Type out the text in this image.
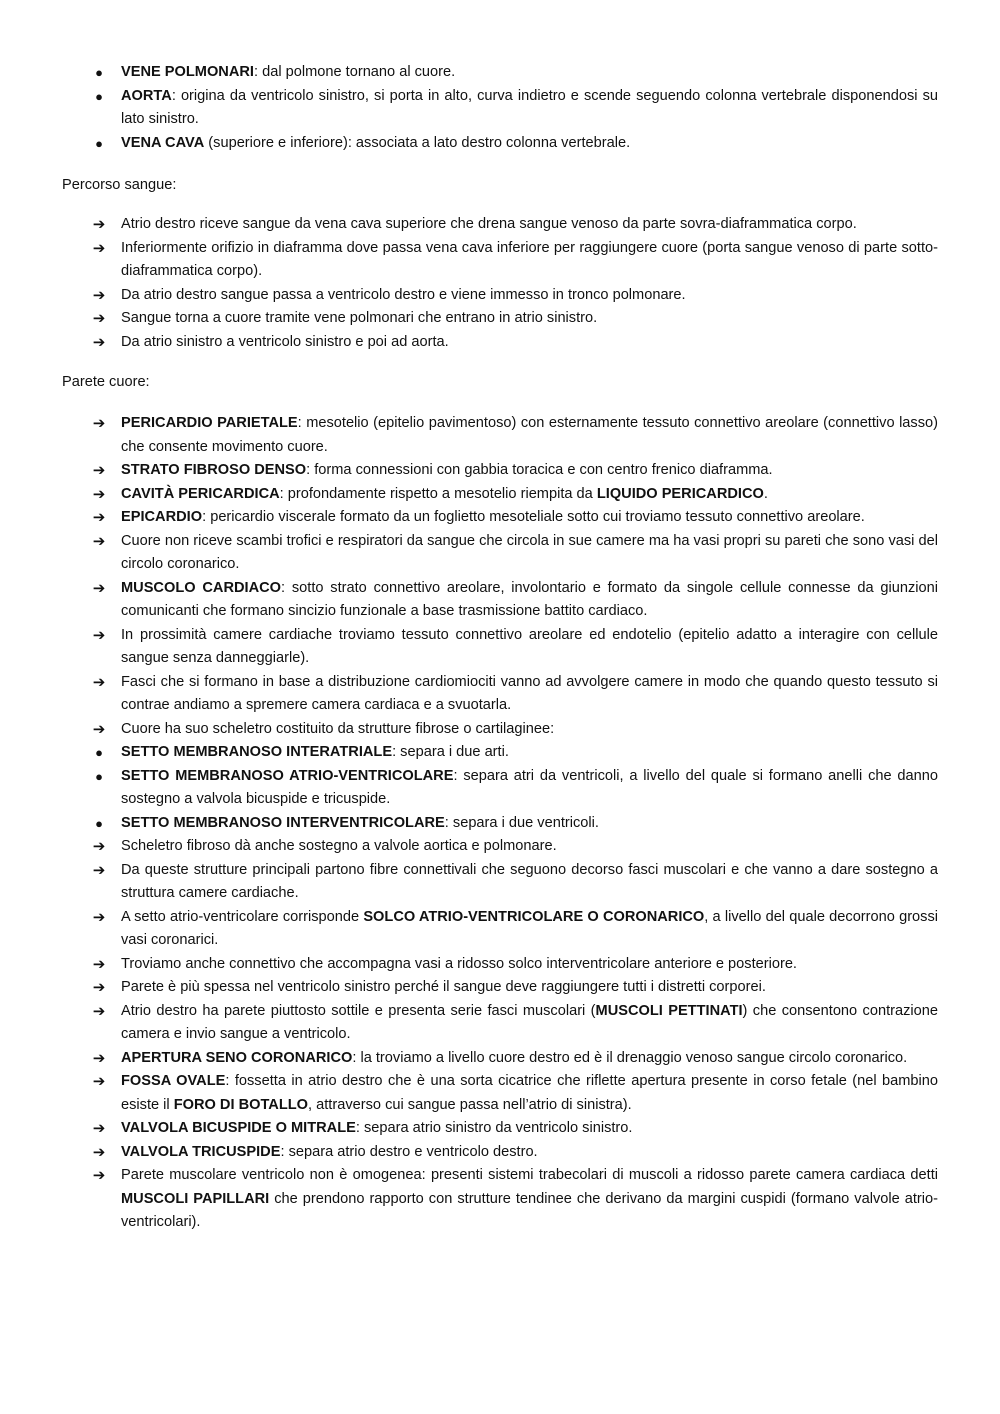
●	VENE POLMONARI: dal polmone tornano al cuore.
●	AORTA: origina da ventricolo sinistro, si porta in alto, curva indietro e scende seguendo colonna vertebrale disponendosi su lato sinistro.
●	VENA CAVA (superiore e inferiore): associata a lato destro colonna vertebrale.
Percorso sangue:
➔ Atrio destro riceve sangue da vena cava superiore che drena sangue venoso da parte sovra-diaframmatica corpo.
➔ Inferiormente orifizio in diaframma dove passa vena cava inferiore per raggiungere cuore (porta sangue venoso di parte sotto-diaframmatica corpo).
➔ Da atrio destro sangue passa a ventricolo destro e viene immesso in tronco polmonare.
➔ Sangue torna a cuore tramite vene polmonari che entrano in atrio sinistro.
➔ Da atrio sinistro a ventricolo sinistro e poi ad aorta.
Parete cuore:
➔ PERICARDIO PARIETALE: mesotelio (epitelio pavimentoso) con esternamente tessuto connettivo areolare (connettivo lasso) che consente movimento cuore.
➔ STRATO FIBROSO DENSO: forma connessioni con gabbia toracica e con centro frenico diaframma.
➔ CAVITÀ PERICARDICA: profondamente rispetto a mesotelio riempita da LIQUIDO PERICARDICO.
➔ EPICARDIO: pericardio viscerale formato da un foglietto mesoteliale sotto cui troviamo tessuto connettivo areolare.
➔ Cuore non riceve scambi trofici e respiratori da sangue che circola in sue camere ma ha vasi propri su pareti che sono vasi del circolo coronarico.
➔ MUSCOLO CARDIACO: sotto strato connettivo areolare, involontario e formato da singole cellule connesse da giunzioni comunicanti che formano sincizio funzionale a base trasmissione battito cardiaco.
➔ In prossimità camere cardiache troviamo tessuto connettivo areolare ed endotelio (epitelio adatto a interagire con cellule sangue senza danneggiarle).
➔ Fasci che si formano in base a distribuzione cardiomiociti vanno ad avvolgere camere in modo che quando questo tessuto si contrae andiamo a spremere camera cardiaca e a svuotarla.
➔ Cuore ha suo scheletro costituito da strutture fibrose o cartilaginee:
●	SETTO MEMBRANOSO INTERATRIALE: separa i due arti.
●	SETTO MEMBRANOSO ATRIO-VENTRICOLARE: separa atri da ventricoli, a livello del quale si formano anelli che danno sostegno a valvola bicuspide e tricuspide.
●	SETTO MEMBRANOSO INTERVENTRICOLARE: separa i due ventricoli.
➔ Scheletro fibroso dà anche sostegno a valvole aortica e polmonare.
➔ Da queste strutture principali partono fibre connettivali che seguono decorso fasci muscolari e che vanno a dare sostegno a struttura camere cardiache.
➔ A setto atrio-ventricolare corrisponde SOLCO ATRIO-VENTRICOLARE O CORONARICO, a livello del quale decorrono grossi vasi coronarici.
➔ Troviamo anche connettivo che accompagna vasi a ridosso solco interventricolare anteriore e posteriore.
➔ Parete è più spessa nel ventricolo sinistro perché il sangue deve raggiungere tutti i distretti corporei.
➔ Atrio destro ha parete piuttosto sottile e presenta serie fasci muscolari (MUSCOLI PETTINATI) che consentono contrazione camera e invio sangue a ventricolo.
➔ APERTURA SENO CORONARICO: la troviamo a livello cuore destro ed è il drenaggio venoso sangue circolo coronarico.
➔ FOSSA OVALE: fossetta in atrio destro che è una sorta cicatrice che riflette apertura presente in corso fetale (nel bambino esiste il FORO DI BOTALLO, attraverso cui sangue passa nell’atrio di sinistra).
➔ VALVOLA BICUSPIDE O MITRALE: separa atrio sinistro da ventricolo sinistro.
➔ VALVOLA TRICUSPIDE: separa atrio destro e ventricolo destro.
➔ Parete muscolare ventricolo non è omogenea: presenti sistemi trabecolari di muscoli a ridosso parete camera cardiaca detti MUSCOLI PAPILLARI che prendono rapporto con strutture tendinee che derivano da margini cuspidi (formano valvole atrio-ventricolari).
